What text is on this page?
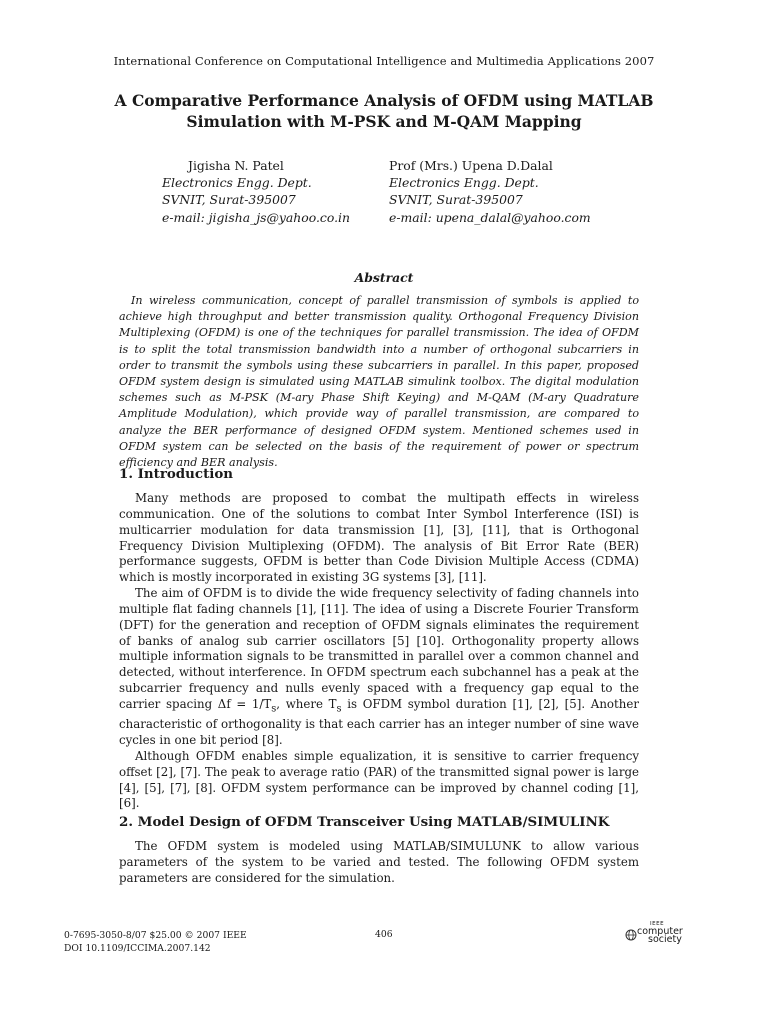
International Conference on Computational Intelligence and Multimedia Applications 2007
A Comparative Performance Analysis of OFDM using MATLAB
Simulation with M-PSK and M-QAM Mapping
Jigisha N. Patel
Electronics Engg. Dept.
SVNIT, Surat-395007
e-mail: jigisha_js@yahoo.co.in
Prof (Mrs.) Upena D.Dalal
Electronics Engg. Dept.
SVNIT, Surat-395007
e-mail: upena_dalal@yahoo.com
Abstract
In wireless communication, concept of parallel transmission of symbols is applied to achieve high throughput and better transmission quality. Orthogonal Frequency Division Multiplexing (OFDM) is one of the techniques for parallel transmission. The idea of OFDM is to split the total transmission bandwidth into a number of orthogonal subcarriers in order to transmit the symbols using these subcarriers in parallel. In this paper, proposed OFDM system design is simulated using MATLAB simulink toolbox. The digital modulation schemes such as M-PSK (M-ary Phase Shift Keying) and M-QAM (M-ary Quadrature Amplitude Modulation), which provide way of parallel transmission, are compared to analyze the BER performance of designed OFDM system. Mentioned schemes used in OFDM system can be selected on the basis of the requirement of power or spectrum efficiency and BER analysis.
1. Introduction

Many methods are proposed to combat the multipath effects in wireless communication. One of the solutions to combat Inter Symbol Interference (ISI) is multicarrier modulation for data transmission [1], [3], [11], that is Orthogonal Frequency Division Multiplexing (OFDM). The analysis of Bit Error Rate (BER) performance suggests, OFDM is better than Code Division Multiple Access (CDMA) which is mostly incorporated in existing 3G systems [3], [11].

The aim of OFDM is to divide the wide frequency selectivity of fading channels into multiple flat fading channels [1], [11]. The idea of using a Discrete Fourier Transform (DFT) for the generation and reception of OFDM signals eliminates the requirement of banks of analog sub carrier oscillators [5] [10]. Orthogonality property allows multiple information signals to be transmitted in parallel over a common channel and detected, without interference. In OFDM spectrum each subchannel has a peak at the subcarrier frequency and nulls evenly spaced with a frequency gap equal to the carrier spacing $\Delta f = 1/T_s$, where $T_s$ is OFDM symbol duration [1], [2], [5]. Another characteristic of orthogonality is that each carrier has an integer number of sine wave cycles in one bit period [8].

Although OFDM enables simple equalization, it is sensitive to carrier frequency offset [2], [7]. The peak to average ratio (PAR) of the transmitted signal power is large [4], [5], [7], [8]. OFDM system performance can be improved by channel coding [1], [6].

2. Model Design of OFDM Transceiver Using MATLAB/SIMULINK

The OFDM system is modeled using MATLAB/SIMULUNK to allow various parameters of the system to be varied and tested. The following OFDM system parameters are considered for the simulation.

0-7695-3050-8/07 $25.00 © 2007 IEEE
DOI 10.1109/ICCIMA.2007.142
406
IEEE
computer
society
